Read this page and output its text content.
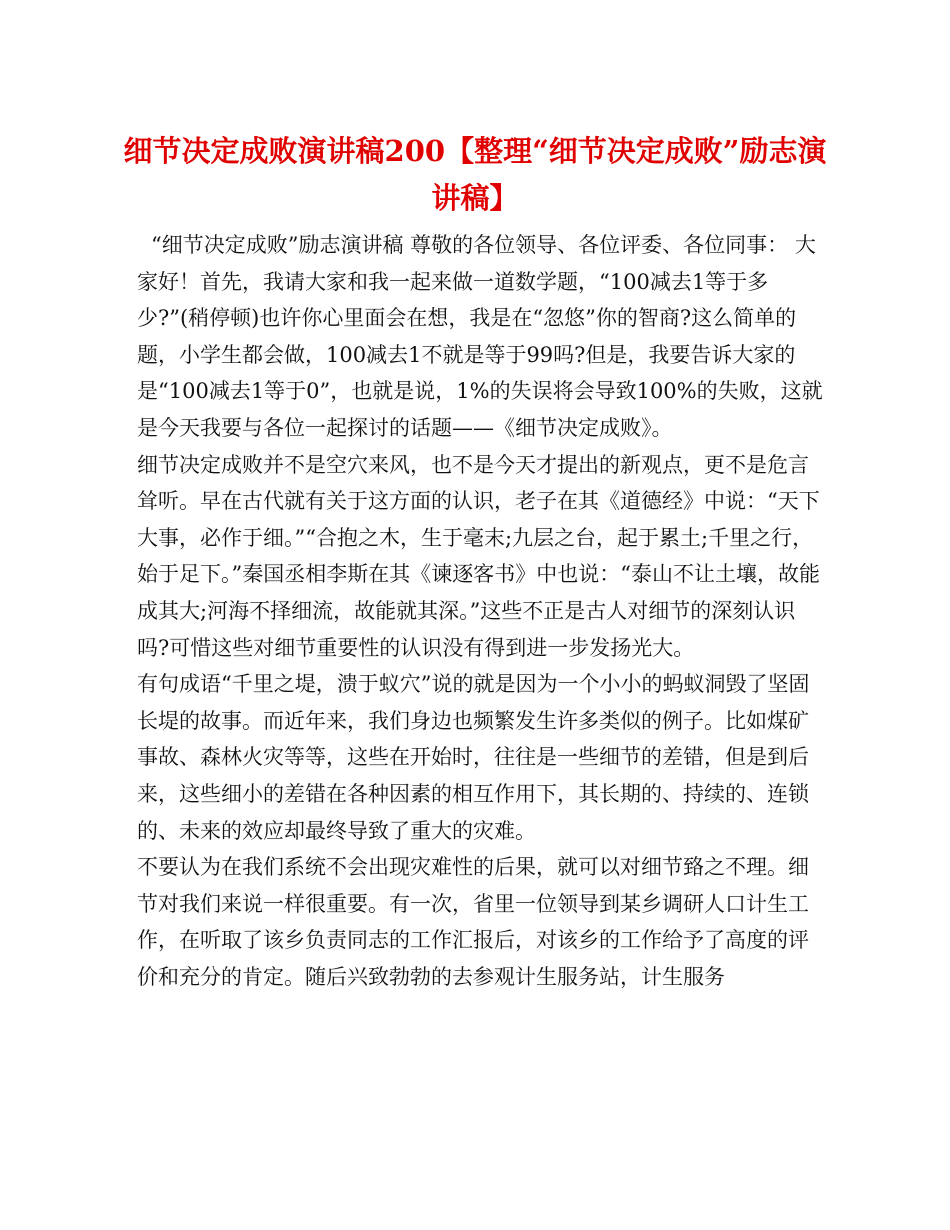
细节决定成败演讲稿200【整理“细节决定成败”励志演讲稿】

“细节决定成败”励志演讲稿 尊敬的各位领导、各位评委、各位同事： 大家好！首先，我请大家和我一起来做一道数学题，“100减去1等于多少?”(稍停顿)也许你心里面会在想，我是在“忽悠”你的智商?这么简单的题，小学生都会做，100减去1不就是等于99吗?但是，我要告诉大家的是“100减去1等于0”，也就是说，1%的失误将会导致100%的失败，这就是今天我要与各位一起探讨的话题——《细节决定成败》。

细节决定成败并不是空穴来风，也不是今天才提出的新观点，更不是危言耸听。早在古代就有关于这方面的认识，老子在其《道德经》中说：“天下大事，必作于细。”“合抱之木，生于毫末;九层之台，起于累土;千里之行，始于足下。”秦国丞相李斯在其《谏逐客书》中也说：“泰山不让土壤，故能成其大;河海不择细流，故能就其深。”这些不正是古人对细节的深刻认识吗?可惜这些对细节重要性的认识没有得到进一步发扬光大。

有句成语“千里之堤，溃于蚁穴”说的就是因为一个小小的蚂蚁洞毁了坚固长堤的故事。而近年来，我们身边也频繁发生许多类似的例子。比如煤矿事故、森林火灾等等，这些在开始时，往往是一些细节的差错，但是到后来，这些细小的差错在各种因素的相互作用下，其长期的、持续的、连锁的、未来的效应却最终导致了重大的灾难。

不要认为在我们系统不会出现灾难性的后果，就可以对细节臵之不理。细节对我们来说一样很重要。有一次，省里一位领导到某乡调研人口计生工作，在听取了该乡负责同志的工作汇报后，对该乡的工作给予了高度的评价和充分的肯定。随后兴致勃勃的去参观计生服务站，计生服务
